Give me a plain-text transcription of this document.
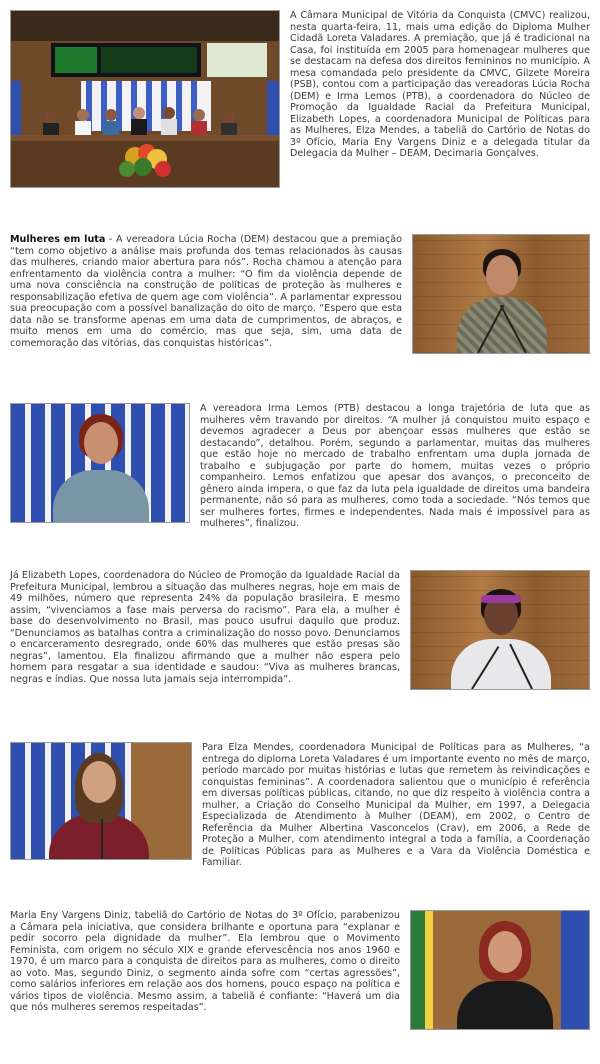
A Câmara Municipal de Vitória da Conquista (CMVC) realizou, nesta quarta-feira, 11, mais uma edição do Diploma Mulher Cidadã Loreta Valadares. A premiação, que já é tradicional na Casa, foi instituída em 2005 para homenagear mulheres que se destacam na defesa dos direitos femininos no município. A mesa comandada pelo presidente da CMVC, Gilzete Moreira (PSB), contou com a participação das vereadoras Lúcia Rocha (DEM) e Irma Lemos (PTB), a coordenadora do Núcleo de Promoção da Igualdade Racial da Prefeitura Municipal, Elizabeth Lopes, a coordenadora Municipal de Políticas para as Mulheres, Elza Mendes, a tabeliã do Cartório de Notas do 3º Ofício, Maria Eny Vargens Diniz e a delegada titular da Delegacia da Mulher – DEAM, Decimaria Gonçalves.

Mulheres em luta - A vereadora Lúcia Rocha (DEM) destacou que a premiação “tem como objetivo a análise mais profunda dos temas relacionados às causas das mulheres, criando maior abertura para nós”. Rocha chamou a atenção para enfrentamento da violência contra a mulher: “O fim da violência depende de uma nova consciência na construção de políticas de proteção às mulheres e responsabilização efetiva de quem age com violência”. A parlamentar expressou sua preocupação com a possível banalização do oito de março. “Espero que esta data não se transforme apenas em uma data de cumprimentos, de abraços, e muito menos em uma do comércio, mas que seja, sim, uma data de comemoração das vitórias, das conquistas históricas”.

A vereadora Irma Lemos (PTB) destacou a longa trajetória de luta que as mulheres vêm travando por direitos. “A mulher já conquistou muito espaço e devemos agradecer a Deus por abençoar essas mulheres que estão se destacando”, detalhou. Porém, segundo a parlamentar, muitas das mulheres que estão hoje no mercado de trabalho enfrentam uma dupla jornada de trabalho e subjugação por parte do homem, muitas vezes o próprio companheiro. Lemos enfatizou que apesar dos avanços, o preconceito de gênero ainda impera, o que faz da luta pela igualdade de direitos uma bandeira permanente, não só para as mulheres, como toda a sociedade. “Nós temos que ser mulheres fortes, firmes e independentes. Nada mais é impossível para as mulheres”, finalizou.

Já Elizabeth Lopes, coordenadora do Núcleo de Promoção da Igualdade Racial da Prefeitura Municipal, lembrou a situação das mulheres negras, hoje em mais de 49 milhões, número que representa 24% da população brasileira. E mesmo assim, “vivenciamos a fase mais perversa do racismo”. Para ela, a mulher é base do desenvolvimento no Brasil, mas pouco usufrui daquilo que produz. “Denunciamos as batalhas contra a criminalização do nosso povo. Denunciamos o encarceramento desregrado, onde 60% das mulheres que estão presas são negras”, lamentou. Ela finalizou afirmando que a mulher não espera pelo homem para resgatar a sua identidade e saudou: “Viva as mulheres brancas, negras e índias. Que nossa luta jamais seja interrompida”.

Para Elza Mendes, coordenadora Municipal de Políticas para as Mulheres, “a entrega do diploma Loreta Valadares é um importante evento no mês de março, período marcado por muitas histórias e lutas que remetem às reivindicações e conquistas femininas”. A coordenadora salientou que o município é referência em diversas políticas públicas, citando, no que diz respeito à violência contra a mulher, a Criação do Conselho Municipal da Mulher, em 1997, a Delegacia Especializada de Atendimento à Mulher (DEAM), em 2002, o Centro de Referência da Mulher Albertina Vasconcelos (Crav), em 2006, a Rede de Proteção a Mulher, com atendimento integral a toda a família, a Coordenação de Políticas Públicas para as Mulheres e a Vara da Violência Doméstica e Familiar.

Maria Eny Vargens Diniz, tabeliã do Cartório de Notas do 3º Ofício, parabenizou a Câmara pela iniciativa, que considera brilhante e oportuna para “explanar e pedir socorro pela dignidade da mulher”. Ela lembrou que o Movimento Feminista, com origem no século XIX e grande efervescência nos anos 1960 e 1970, é um marco para a conquista de direitos para as mulheres, como o direito ao voto. Mas, segundo Diniz, o segmento ainda sofre com “certas agressões”, como salários inferiores em relação aos dos homens, pouco espaço na política e vários tipos de violência. Mesmo assim, a tabeliã é confiante: “Haverá um dia que nós mulheres seremos respeitadas”.
